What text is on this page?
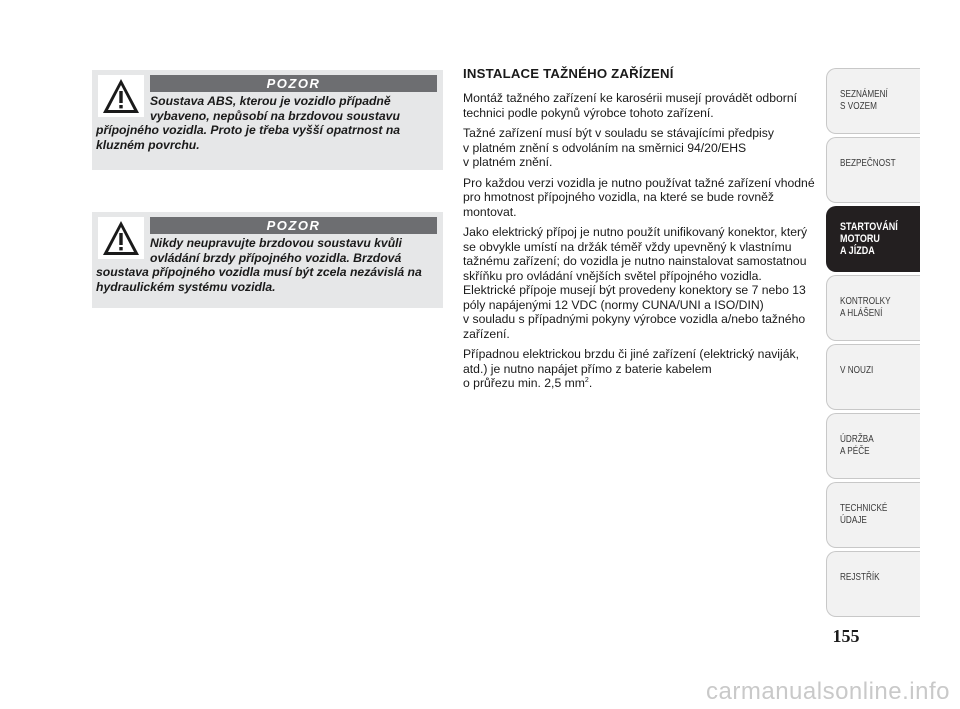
POZOR
Soustava ABS, kterou je vozidlo případně vybaveno, nepůsobí na brzdovou soustavu přípojného vozidla. Proto je třeba vyšší opatrnost na kluzném povrchu.
POZOR
Nikdy neupravujte brzdovou soustavu kvůli ovládání brzdy přípojného vozidla. Brzdová soustava přípojného vozidla musí být zcela nezávislá na hydraulickém systému vozidla.
INSTALACE TAŽNÉHO ZAŘÍZENÍ

Montáž tažného zařízení ke karosérii musejí provádět odborní technici podle pokynů výrobce tohoto zařízení.

Tažné zařízení musí být v souladu se stávajícími předpisy
v platném znění s odvoláním na směrnici 94/20/EHS
v platném znění.

Pro každou verzi vozidla je nutno používat tažné zařízení vhodné pro hmotnost přípojného vozidla, na které se bude rovněž montovat.

Jako elektrický přípoj je nutno použít unifikovaný konektor, který se obvykle umístí na držák téměř vždy upevněný k vlastnímu tažnému zařízení; do vozidla je nutno nainstalovat samostatnou skříňku pro ovládání vnějších světel přípojného vozidla. Elektrické přípoje musejí být provedeny konektory se 7 nebo 13 póly napájenými 12 VDC (normy CUNA/UNI a ISO/DIN)
v souladu s případnými pokyny výrobce vozidla a/nebo tažného zařízení.

Případnou elektrickou brzdu či jiné zařízení (elektrický naviják, atd.) je nutno napájet přímo z baterie kabelem
o průřezu min. 2,5 $mm^2$.

SEZNÁMENÍ
S VOZEM
BEZPEČNOST
STARTOVÁNÍ
MOTORU
A JÍZDA
KONTROLKY
A HLÁŠENÍ
V NOUZI
ÚDRŽBA
A PÉČE
TECHNICKÉ
ÚDAJE
REJSTŘÍK
155
carmanualsonline.info
